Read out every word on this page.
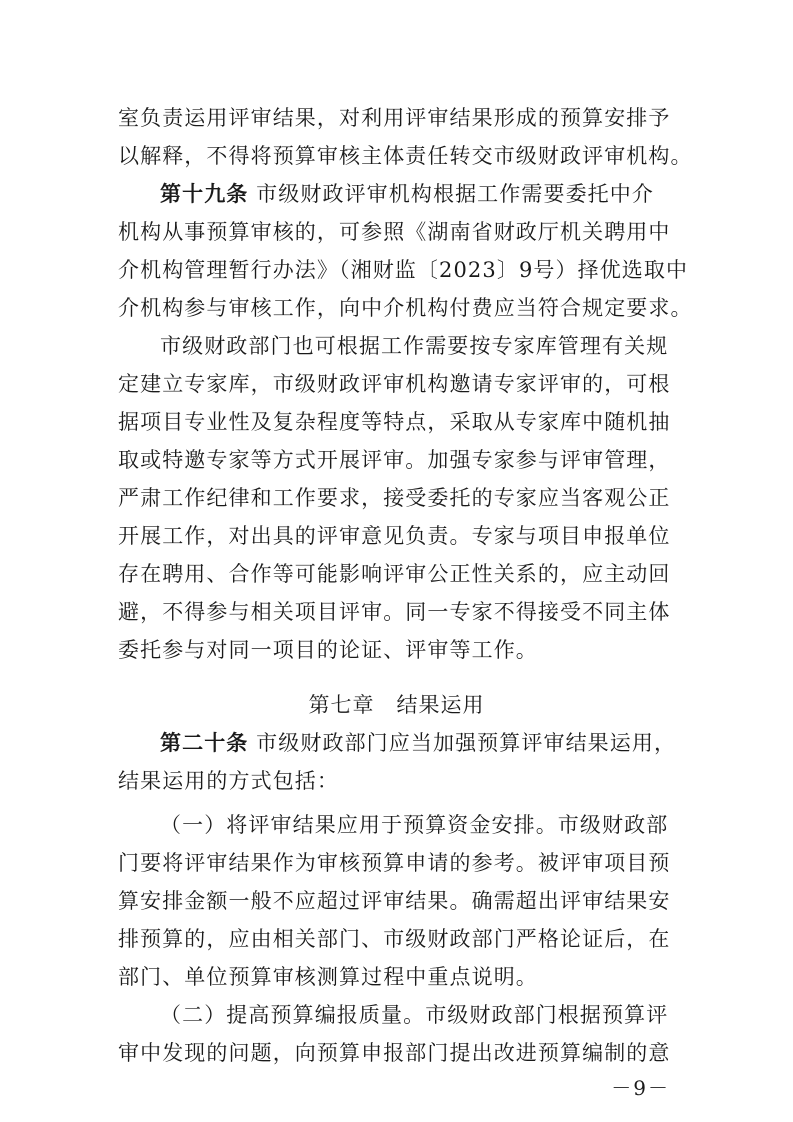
室负责运用评审结果，对利用评审结果形成的预算安排予
以解释，不得将预算审核主体责任转交市级财政评审机构。
第十九条 市级财政评审机构根据工作需要委托中介
机构从事预算审核的，可参照《湖南省财政厅机关聘用中
介机构管理暂行办法》（湘财监〔2023〕9号）择优选取中
介机构参与审核工作，向中介机构付费应当符合规定要求。
市级财政部门也可根据工作需要按专家库管理有关规
定建立专家库，市级财政评审机构邀请专家评审的，可根
据项目专业性及复杂程度等特点，采取从专家库中随机抽
取或特邀专家等方式开展评审。加强专家参与评审管理，
严肃工作纪律和工作要求，接受委托的专家应当客观公正
开展工作，对出具的评审意见负责。专家与项目申报单位
存在聘用、合作等可能影响评审公正性关系的，应主动回
避，不得参与相关项目评审。同一专家不得接受不同主体
委托参与对同一项目的论证、评审等工作。
第七章 结果运用
第二十条 市级财政部门应当加强预算评审结果运用，
结果运用的方式包括：
（一）将评审结果应用于预算资金安排。市级财政部
门要将评审结果作为审核预算申请的参考。被评审项目预
算安排金额一般不应超过评审结果。确需超出评审结果安
排预算的，应由相关部门、市级财政部门严格论证后，在
部门、单位预算审核测算过程中重点说明。
（二）提高预算编报质量。市级财政部门根据预算评
审中发现的问题，向预算申报部门提出改进预算编制的意
－9－
